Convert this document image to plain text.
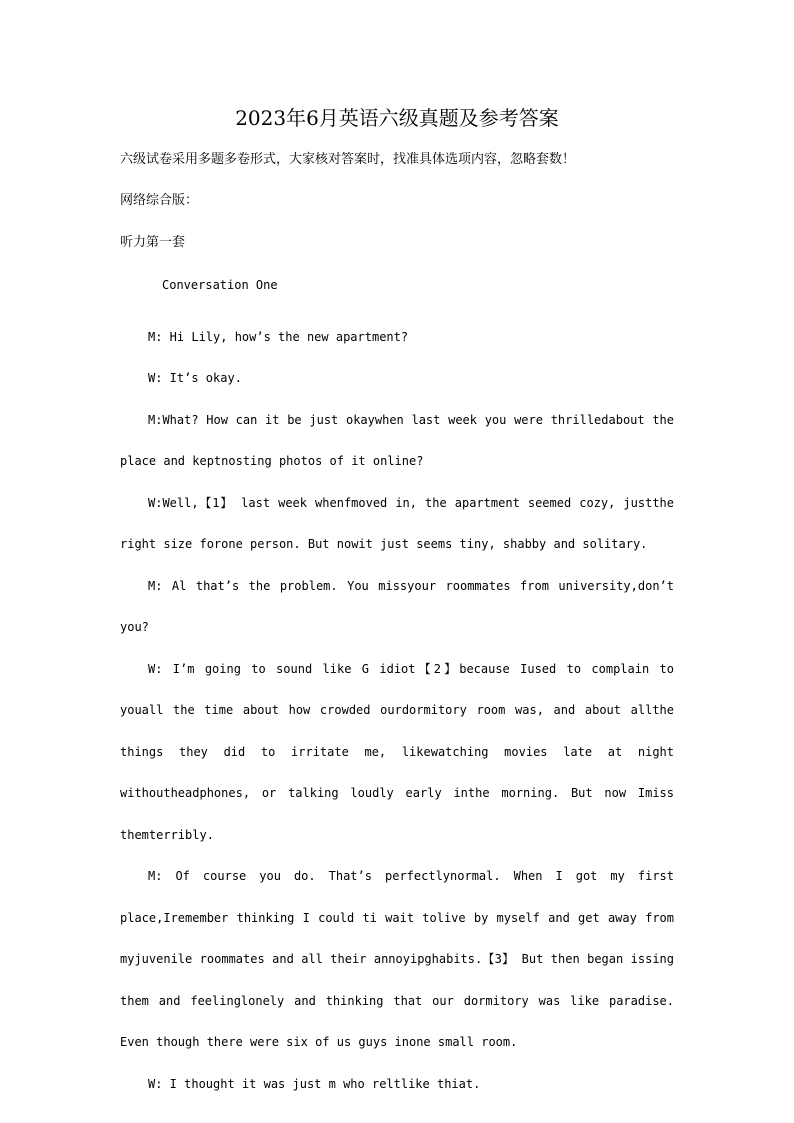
2023年6月英语六级真题及参考答案
六级试卷采用多题多卷形式，大家核对答案时，找准具体选项内容，忽略套数！
网络综合版：
听力第一套
Conversation One

M: Hi Lily, how’s the new apartment?

W: It’s okay.

M:What? How can it be just okaywhen last week you were thrilledabout the place and keptnosting photos of it online?

W:Well,【1】 last week whenfmoved in, the apartment seemed cozy, justthe right size forone person. But nowit just seems tiny, shabby and solitary.

M: Al that’s the problem. You missyour roommates from university,don’t you?

W: I’m going to sound like G idiot【2】because Iused to complain to youall the time about how crowded ourdormitory room was, and about allthe things they did to irritate me, likewatching movies late at night withoutheadphones, or talking loudly early inthe morning. But now Imiss themterribly.

M: Of course you do. That’s perfectlynormal. When I got my first place,Iremember thinking I could ti wait tolive by myself and get away from myjuvenile roommates and all their annoyipghabits.【3】 But then began issing them and feelinglonely and thinking that our dormitory was like paradise. Even though there were six of us guys inone small room.

W: I thought it was just m who reltlike thiat.
